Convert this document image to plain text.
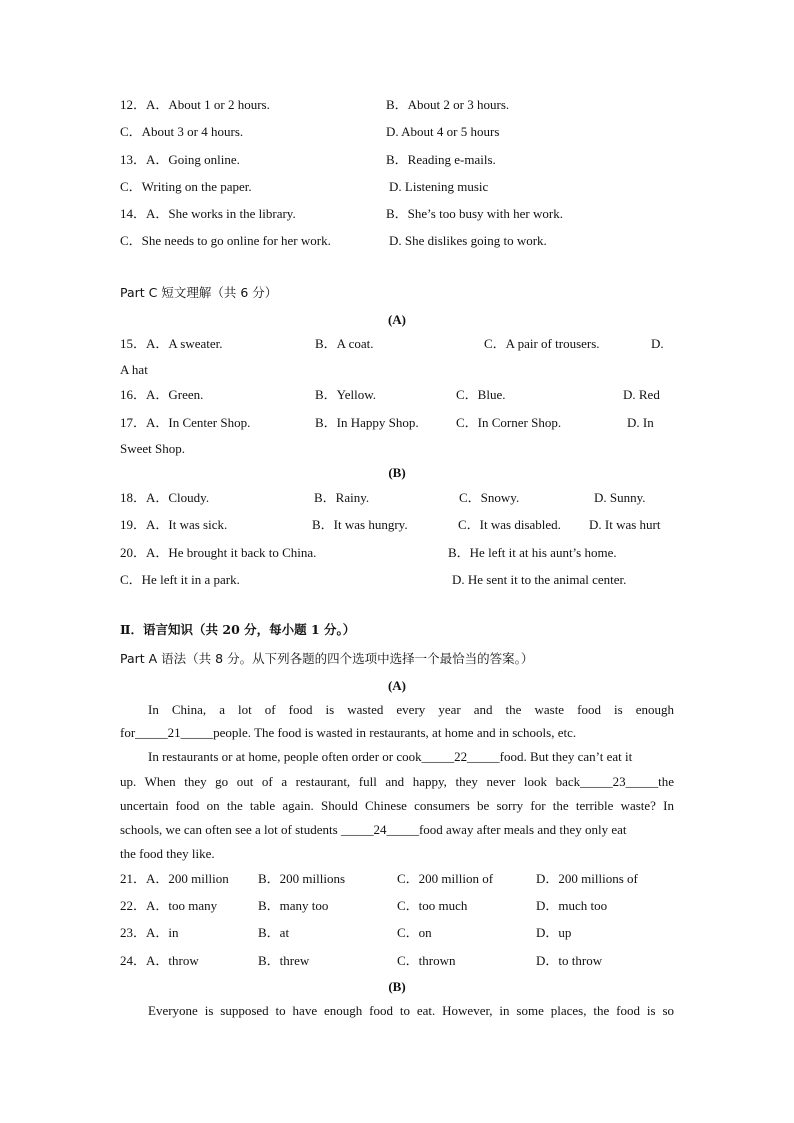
12．A．About 1 or 2 hours.	B．About 2 or 3 hours.
C．About 3 or 4 hours.	D. About 4 or 5 hours
13．A．Going online.	B．Reading e-mails.
C．Writing on the paper.	D. Listening music
14．A．She works in the library.	B．She’s too busy with her work.
C．She needs to go online for her work.	D. She dislikes going to work.
Part C 短文理解（共 6 分）
(A)
15．A．A sweater.	B．A coat.	C．A pair of trousers.	D.
A hat
16．A．Green.	B．Yellow.	C．Blue.	D. Red
17．A．In Center Shop.	B．In Happy Shop.	C．In Corner Shop.	D. In
Sweet Shop.
(B)
18．A．Cloudy.	B．Rainy.	C．Snowy.	D. Sunny.
19．A．It was sick.	B．It was hungry.	C．It was disabled. D. It was hurt
20．A．He brought it back to China.	B．He left it at his aunt’s home.
C．He left it in a park.	D. He sent it to the animal center.
Ⅱ．语言知识（共 20 分，每小题 1 分。）
Part A 语法（共 8 分。从下列各题的四个选项中选择一个最恰当的答案。）
(A)
In China, a lot of food is wasted every year and the waste food is enough
for_____21_____people. The food is wasted in restaurants, at home and in schools, etc.
In restaurants or at home, people often order or cook_____22_____food. But they can’t eat it
up. When they go out of a restaurant, full and happy, they never look back_____23_____the
uncertain food on the table again. Should Chinese consumers be sorry for the terrible waste? In
schools, we can often see a lot of students _____24_____food away after meals and they only eat
the food they like.
21．A．200 million B．200 millions	C．200 million of	D．200 millions of
22．A．too many	B．many too	C．too much	D．much too
23．A．in	B．at	C．on	D．up
24．A．throw	B．threw	C．thrown	D．to throw
(B)
Everyone is supposed to have enough food to eat. However, in some places, the food is so
